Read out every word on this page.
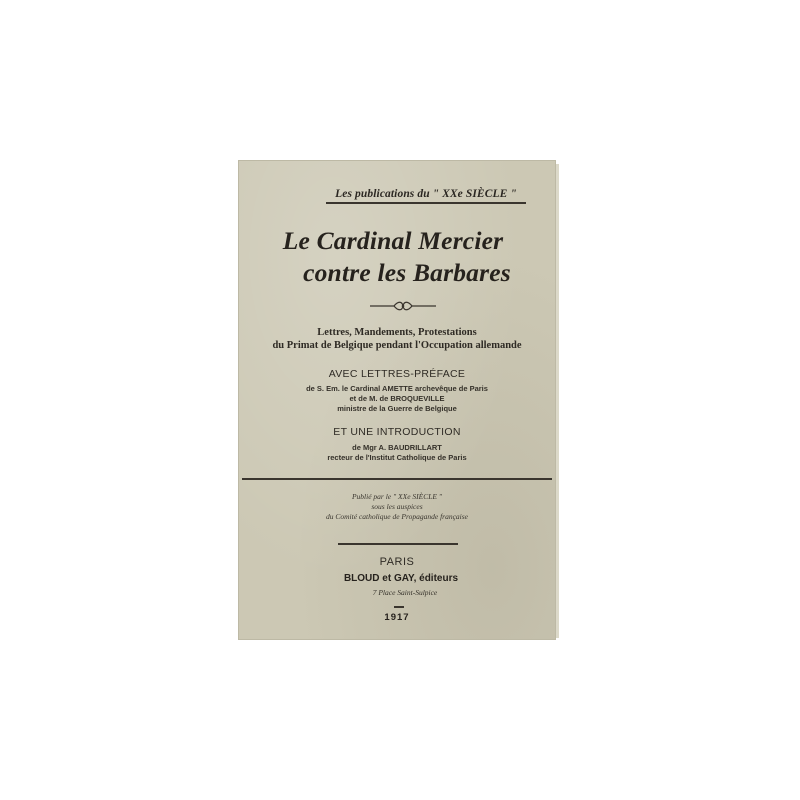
Les publications du " XXe SIÈCLE "
Le Cardinal Mercier
contre les Barbares
Lettres, Mandements, Protestations
du Primat de Belgique pendant l'Occupation allemande
AVEC LETTRES-PRÉFACE
de S. Em. le Cardinal AMETTE archevêque de Paris
et de M. de BROQUEVILLE
ministre de la Guerre de Belgique
ET UNE INTRODUCTION
de Mgr A. BAUDRILLART
recteur de l'Institut Catholique de Paris
Publié par le " XXe SIÈCLE "
sous les auspices
du Comité catholique de Propagande française
PARIS
BLOUD et GAY, éditeurs
7 Place Saint-Sulpice
1917
